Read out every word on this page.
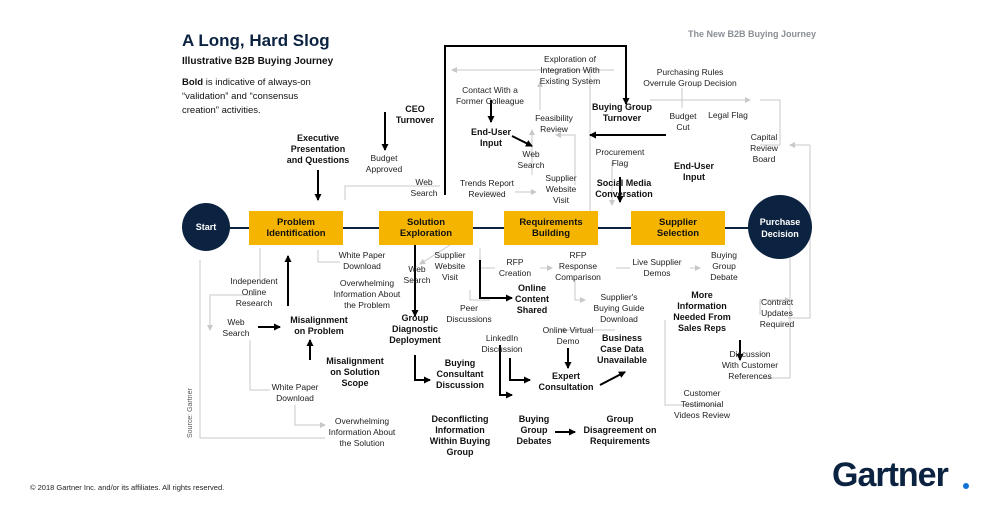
A Long, Hard Slog
Illustrative B2B Buying Journey
Bold is indicative of always-on
“validation” and “consensus
creation” activities.
The New B2B Buying Journey
Start	Purchase
Decision
Problem
Identification
Solution
Exploration
Requirements
Building
Supplier
Selection
Executive
Presentation
and Questions
CEO
Turnover
Budget
Approved
Web
Search
Exploration of
Integration With
Existing System
Contact With a
Former Colleague
End-User
Input
Feasibility
Review
Web
Search
Trends Report
Reviewed
Supplier
Website
Visit
Purchasing Rules
Overrule Group Decision
Buying Group
Turnover	Budget
Cut
Legal Flag
Procurement
Flag	End-User
Input
Social Media
Conversation
Capital
Review
Board
White Paper
Download
Independent
Online
Research
Overwhelming
Information About
the Problem
Web
Search
Supplier
Website
Visit
RFP
Creation
RFP
Response
Comparison
Live Supplier
Demos
Buying
Group
Debate
Web
Search
Misalignment
on Problem
Group
Diagnostic
Deployment
Peer
Discussions
Online
Content
Shared
Supplier's
Buying Guide
Download
More
Information
Needed From
Sales Reps
Contract
Updates
Required
LinkedIn
Discussion
Online Virtual
Demo	Business
Case Data
Unavailable
Misalignment
on Solution
Scope
Buying
Consultant
Discussion
Expert
Consultation
Discussion
With Customer
References
White Paper
Download	Customer
Testimonial
Videos Review
Overwhelming
Information About
the Solution
Deconflicting
Information
Within Buying
Group
Buying
Group
Debates
Group
Disagreement on
Requirements
© 2018 Gartner Inc. and/or its affiliates. All rights reserved.
Source: Gartner
Gartner
